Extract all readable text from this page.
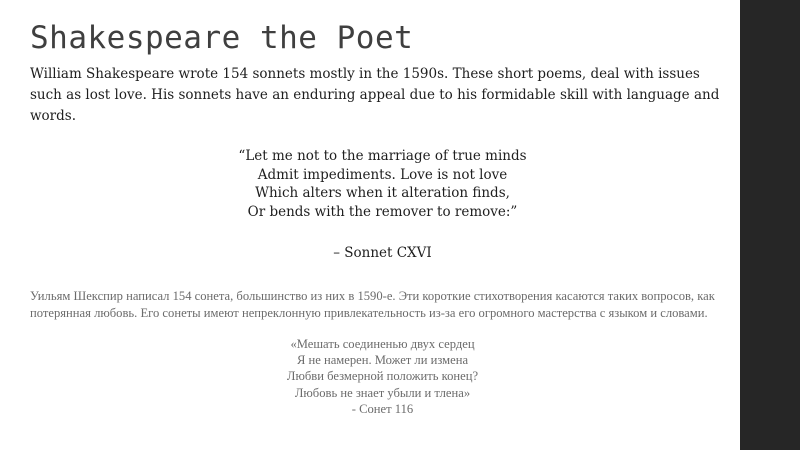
Shakespeare the Poet

William Shakespeare wrote 154 sonnets mostly in the 1590s. These short poems, deal with issues such as lost love. His sonnets have an enduring appeal due to his formidable skill with language and words.

“Let me not to the marriage of true minds
Admit impediments. Love is not love
Which alters when it alteration finds,
Or bends with the remover to remove:”
– Sonnet CXVI

Уильям Шекспир написал 154 сонета, большинство из них в 1590-е. Эти короткие стихотворения касаются таких вопросов, как потерянная любовь. Его сонеты имеют непреклонную привлекательность из-за его огромного мастерства с языком и словами.

«Мешать соединенью двух сердец
Я не намерен. Может ли измена
Любви безмерной положить конец?
Любовь не знает убыли и тлена»
- Сонет 116
